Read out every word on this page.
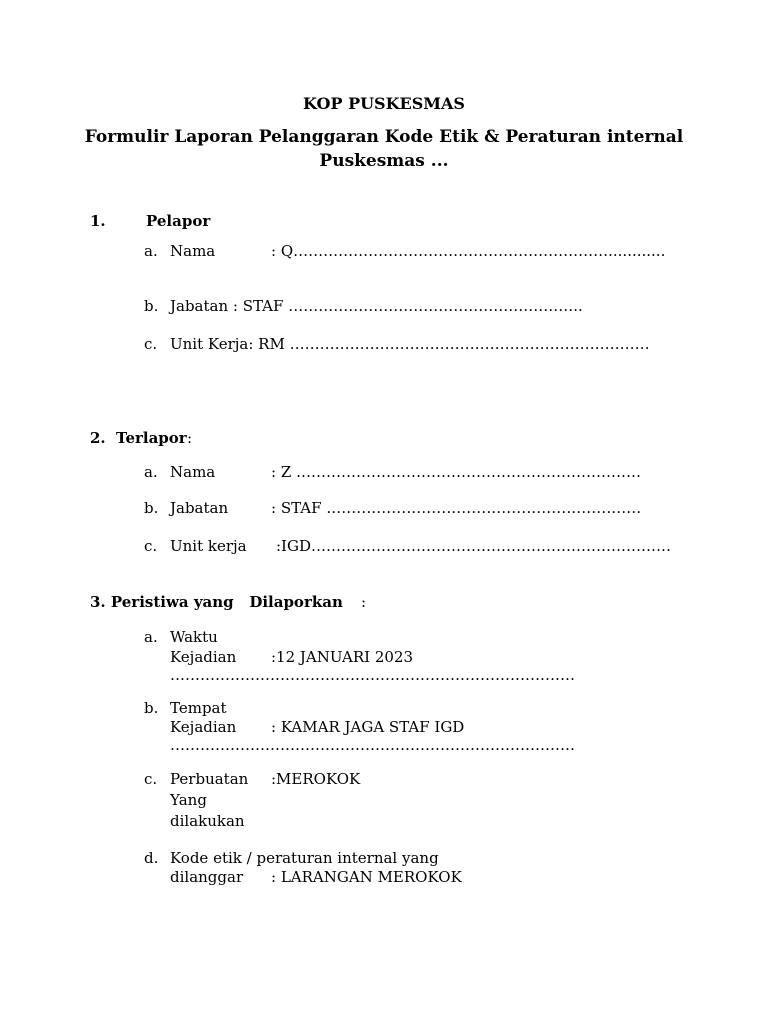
KOP PUSKESMAS
Formulir Laporan Pelanggaran Kode Etik & Peraturan internal
Puskesmas ...
1.	Pelapor
a. Nama	: Q………………………………………………………............
b. Jabatan : STAF …………………………………………………..
c. Unit Kerja: RM ………………………………………………………………
2. Terlapor :
a. Nama	: Z ……………………………………………………………
b. Jabatan	: STAF ………………………………………………………
c. Unit kerja :IGD………………………………………………………………
3. Peristiwa yang   Dilaporkan :
a. Waktu
Kejadian :12 JANUARI 2023
………………………………………………………………………
b. Tempat
Kejadian : KAMAR JAGA STAF IGD
………………………………………………………………………
c. Perbuatan :MEROKOK
Yang
dilakukan
d. Kode etik / peraturan internal yang
dilanggar : LARANGAN MEROKOK
